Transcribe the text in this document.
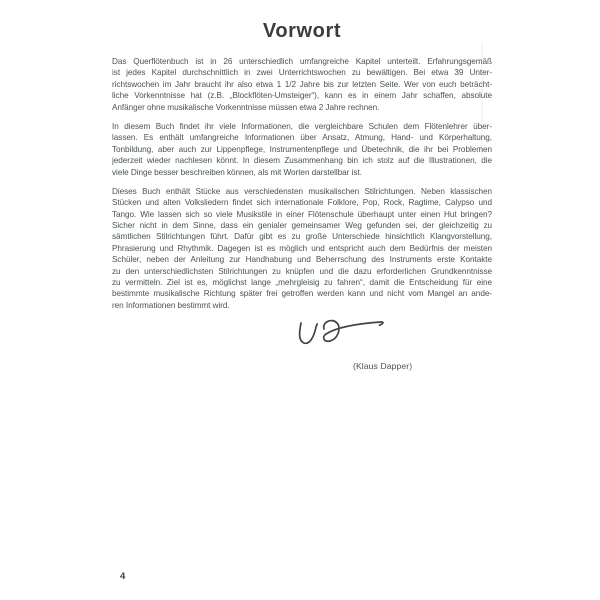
Vorwort
Das Querflötenbuch ist in 26 unterschiedlich umfangreiche Kapitel unterteilt. Erfahrungsgemäß
ist jedes Kapitel durchschnittlich in zwei Unterrichtswochen zu bewältigen. Bei etwa 39 Unter-
richtswochen im Jahr braucht ihr also etwa 1 1/2 Jahre bis zur letzten Seite. Wer von euch beträcht-
liche Vorkenntnisse hat (z.B. „Blockflöten-Umsteiger“), kann es in einem Jahr schaffen, absolute
Anfänger ohne musikalische Vorkenntnisse müssen etwa 2 Jahre rechnen.
In diesem Buch findet ihr viele Informationen, die vergleichbare Schulen dem Flötenlehrer über-
lassen. Es enthält umfangreiche Informationen über Ansatz, Atmung, Hand- und Körperhaltung,
Tonbildung, aber auch zur Lippenpflege, Instrumentenpflege und Übetechnik, die ihr bei Problemen
jederzeit wieder nachlesen könnt. In diesem Zusammenhang bin ich stolz auf die Illustrationen, die
viele Dinge besser beschreiben können, als mit Worten darstellbar ist.
Dieses Buch enthält Stücke aus verschiedensten musikalischen Stilrichtungen. Neben klassischen
Stücken und alten Volksliedern findet sich internationale Folklore, Pop, Rock, Ragtime, Calypso und
Tango. Wie lassen sich so viele Musikstile in einer Flötenschule überhaupt unter einen Hut bringen?
Sicher nicht in dem Sinne, dass ein genialer gemeinsamer Weg gefunden sei, der gleichzeitig zu
sämtlichen Stilrichtungen führt. Dafür gibt es zu große Unterschiede hinsichtlich Klangvorstellung,
Phrasierung und Rhythmik. Dagegen ist es möglich und entspricht auch dem Bedürfnis der meisten
Schüler, neben der Anleitung zur Handhabung und Beherrschung des Instruments erste Kontakte
zu den unterschiedlichsten Stilrichtungen zu knüpfen und die dazu erforderlichen Grundkenntnisse
zu vermitteln. Ziel ist es, möglichst lange „mehrgleisig zu fahren“, damit die Entscheidung für eine
bestimmte musikalische Richtung später frei getroffen werden kann und nicht vom Mangel an ande-
ren Informationen bestimmt wird.
(Klaus Dapper)
4
